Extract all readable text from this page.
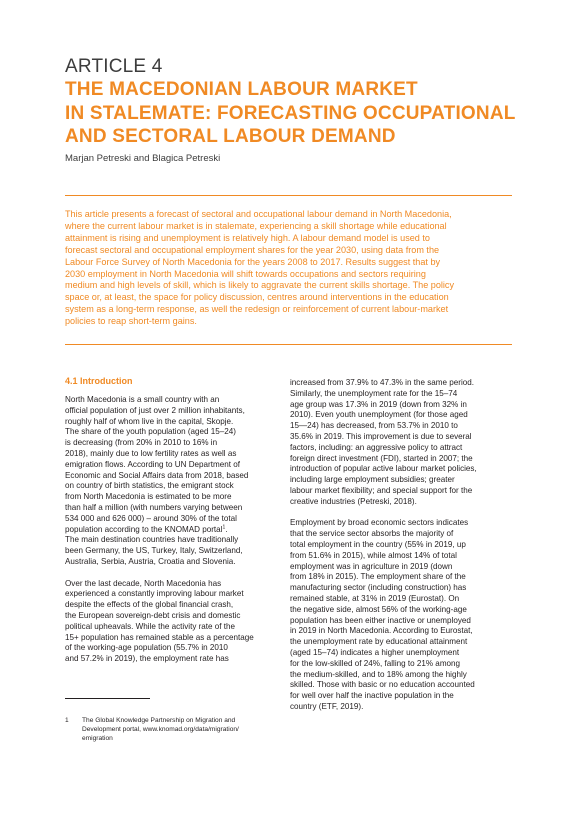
ARTICLE 4
THE MACEDONIAN LABOUR MARKET
IN STALEMATE: FORECASTING OCCUPATIONAL
AND SECTORAL LABOUR DEMAND
Marjan Petreski and Blagica Petreski
This article presents a forecast of sectoral and occupational labour demand in North Macedonia,
where the current labour market is in stalemate, experiencing a skill shortage while educational
attainment is rising and unemployment is relatively high. A labour demand model is used to
forecast sectoral and occupational employment shares for the year 2030, using data from the
Labour Force Survey of North Macedonia for the years 2008 to 2017. Results suggest that by
2030 employment in North Macedonia will shift towards occupations and sectors requiring
medium and high levels of skill, which is likely to aggravate the current skills shortage. The policy
space or, at least, the space for policy discussion, centres around interventions in the education
system as a long-term response, as well the redesign or reinforcement of current labour-market
policies to reap short-term gains.
4.1 Introduction
North Macedonia is a small country with an
official population of just over 2 million inhabitants,
roughly half of whom live in the capital, Skopje.
The share of the youth population (aged 15–24)
is decreasing (from 20% in 2010 to 16% in
2018), mainly due to low fertility rates as well as
emigration flows. According to UN Department of
Economic and Social Affairs data from 2018, based
on country of birth statistics, the emigrant stock
from North Macedonia is estimated to be more
than half a million (with numbers varying between
534 000 and 626 000) – around 30% of the total
population according to the KNOMAD portal$^1$.
The main destination countries have traditionally
been Germany, the US, Turkey, Italy, Switzerland,
Australia, Serbia, Austria, Croatia and Slovenia.
Over the last decade, North Macedonia has
experienced a constantly improving labour market
despite the effects of the global financial crash,
the European sovereign-debt crisis and domestic
political upheavals. While the activity rate of the
15+ population has remained stable as a percentage
of the working-age population (55.7% in 2010
and 57.2% in 2019), the employment rate has
increased from 37.9% to 47.3% in the same period.
Similarly, the unemployment rate for the 15–74
age group was 17.3% in 2019 (down from 32% in
2010). Even youth unemployment (for those aged
15—24) has decreased, from 53.7% in 2010 to
35.6% in 2019. This improvement is due to several
factors, including: an aggressive policy to attract
foreign direct investment (FDI), started in 2007; the
introduction of popular active labour market policies,
including large employment subsidies; greater
labour market flexibility; and special support for the
creative industries (Petreski, 2018).
Employment by broad economic sectors indicates
that the service sector absorbs the majority of
total employment in the country (55% in 2019, up
from 51.6% in 2015), while almost 14% of total
employment was in agriculture in 2019 (down
from 18% in 2015). The employment share of the
manufacturing sector (including construction) has
remained stable, at 31% in 2019 (Eurostat). On
the negative side, almost 56% of the working-age
population has been either inactive or unemployed
in 2019 in North Macedonia. According to Eurostat,
the unemployment rate by educational attainment
(aged 15–74) indicates a higher unemployment
for the low-skilled of 24%, falling to 21% among
the medium-skilled, and to 18% among the highly
skilled. Those with basic or no education accounted
for well over half the inactive population in the
country (ETF, 2019).
1 The Global Knowledge Partnership on Migration and
Development portal, www.knomad.org/data/migration/
emigration
